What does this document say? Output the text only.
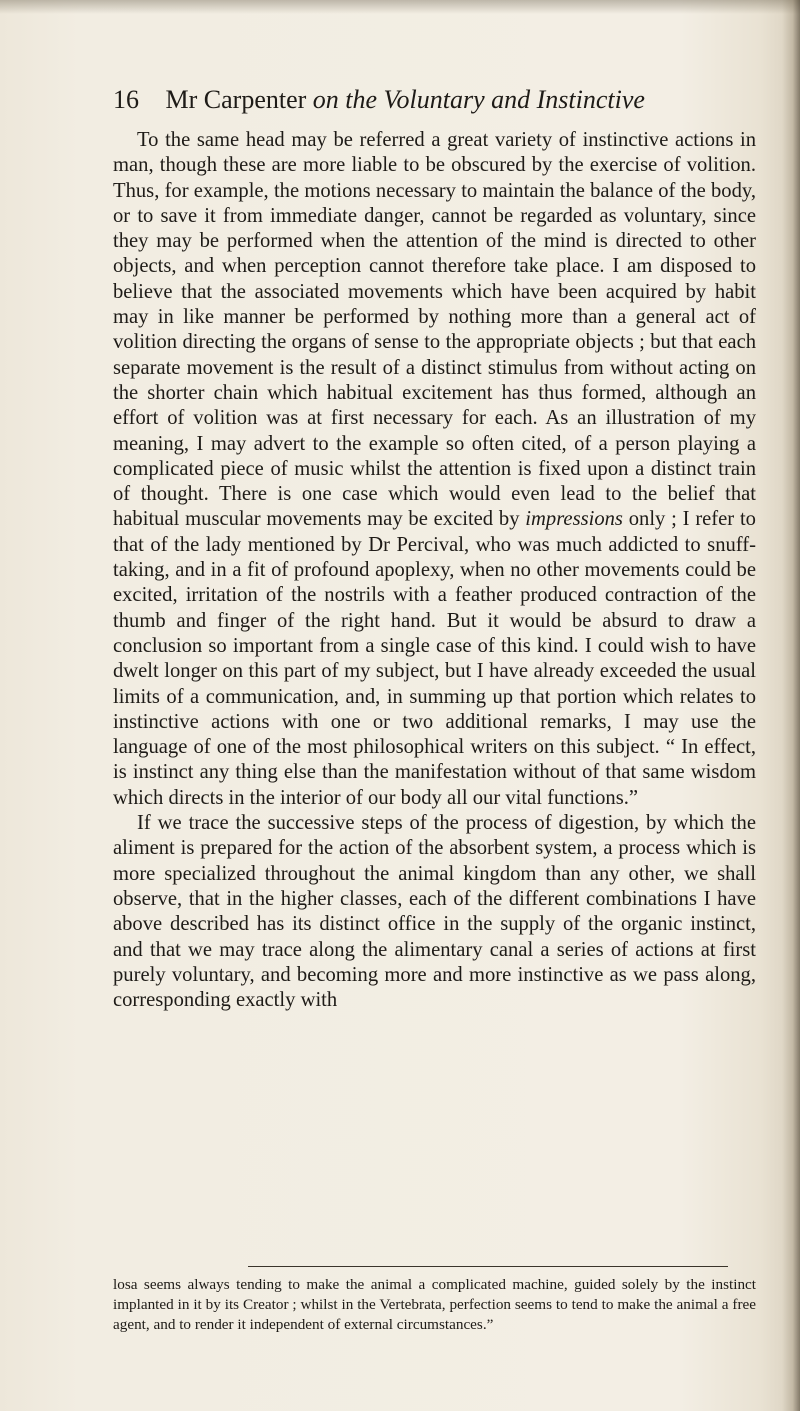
16 Mr Carpenter on the Voluntary and Instinctive

To the same head may be referred a great variety of instinctive actions in man, though these are more liable to be obscured by the exercise of volition. Thus, for example, the motions necessary to maintain the balance of the body, or to save it from immediate danger, cannot be regarded as voluntary, since they may be performed when the attention of the mind is directed to other objects, and when perception cannot therefore take place. I am disposed to believe that the associated movements which have been acquired by habit may in like manner be performed by nothing more than a general act of volition directing the organs of sense to the appropriate objects ; but that each separate movement is the result of a distinct stimulus from without acting on the shorter chain which habitual excitement has thus formed, although an effort of volition was at first necessary for each. As an illustration of my meaning, I may advert to the example so often cited, of a person playing a complicated piece of music whilst the attention is fixed upon a distinct train of thought. There is one case which would even lead to the belief that habitual muscular movements may be excited by impressions only ; I refer to that of the lady mentioned by Dr Percival, who was much addicted to snuff-taking, and in a fit of profound apoplexy, when no other movements could be excited, irritation of the nostrils with a feather produced contraction of the thumb and finger of the right hand. But it would be absurd to draw a conclusion so important from a single case of this kind. I could wish to have dwelt longer on this part of my subject, but I have already exceeded the usual limits of a communication, and, in summing up that portion which relates to instinctive actions with one or two additional remarks, I may use the language of one of the most philosophical writers on this subject. “ In effect, is instinct any thing else than the manifestation without of that same wisdom which directs in the interior of our body all our vital functions.”

If we trace the successive steps of the process of digestion, by which the aliment is prepared for the action of the absorbent system, a process which is more specialized throughout the animal kingdom than any other, we shall observe, that in the higher classes, each of the different combinations I have above described has its distinct office in the supply of the organic instinct, and that we may trace along the alimentary canal a series of actions at first purely voluntary, and becoming more and more instinctive as we pass along, corresponding exactly with

losa seems always tending to make the animal a complicated machine, guided solely by the instinct implanted in it by its Creator ; whilst in the Vertebrata, perfection seems to tend to make the animal a free agent, and to render it independent of external circumstances.”
